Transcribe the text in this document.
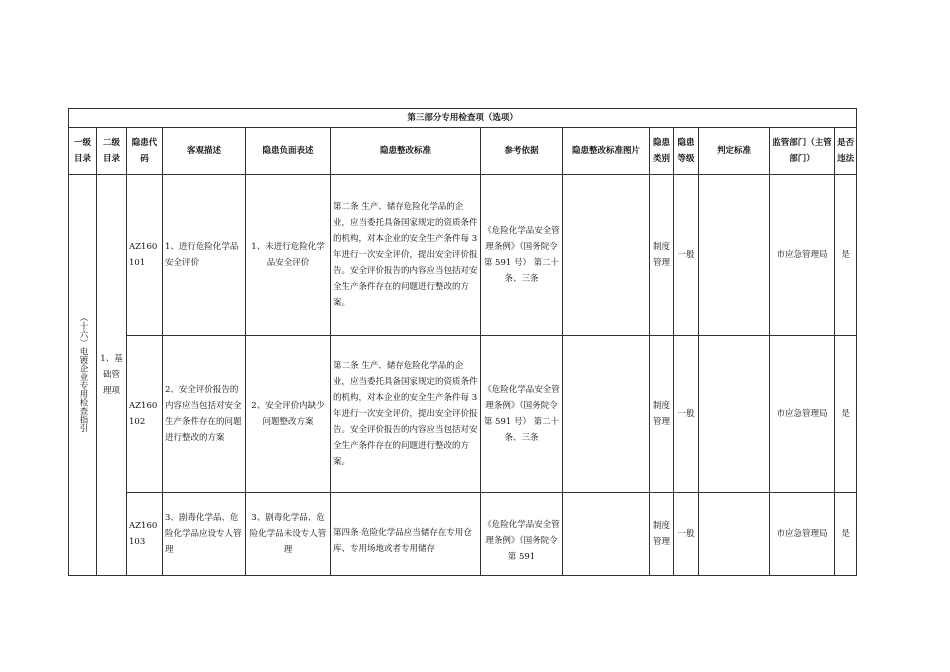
第三部分专用检查项（选项）												
一级目录	二级目录	隐患代码	客观描述	隐患负面表述	隐患整改标准	参考依据	隐患整改标准图片	隐患类别	隐患等级	判定标准	监管部门（主管部门）	是否违法
（十六）电镀企业专用检查指引	1、基础管理项	AZ160101	1、进行危险化学品安全评价	1、未进行危险化学品安全评价	第二条 生产、储存危险化学品的企业，应当委托具备国家规定的资质条件的机构，对本企业的安全生产条件每 3 年进行一次安全评价，提出安全评价报告。安全评价报告的内容应当包括对安全生产条件存在的问题进行整改的方案。	《危险化学品安全管理条例》（国务院令第 591 号） 第二十条、三条		制度管理	一般		市应急管理局	是
		AZ160102	2、安全评价报告的内容应当包括对安全生产条件存在的问题进行整改的方案	2、安全评价内缺少问题整改方案	第二条 生产、储存危险化学品的企业，应当委托具备国家规定的资质条件的机构，对本企业的安全生产条件每 3 年进行一次安全评价，提出安全评价报告。安全评价报告的内容应当包括对安全生产条件存在的问题进行整改的方案。	《危险化学品安全管理条例》（国务院令第 591 号） 第二十条、三条		制度管理	一般		市应急管理局	是
		AZ160103	3、剧毒化学品、危险化学品应设专人管理	3、剧毒化学品、危险化学品未设专人管理	第四条 危险化学品应当储存在专用仓库、专用场地或者专用储存	《危险化学品安全管理条例》（国务院令第 591		制度管理	一般		市应急管理局	是
